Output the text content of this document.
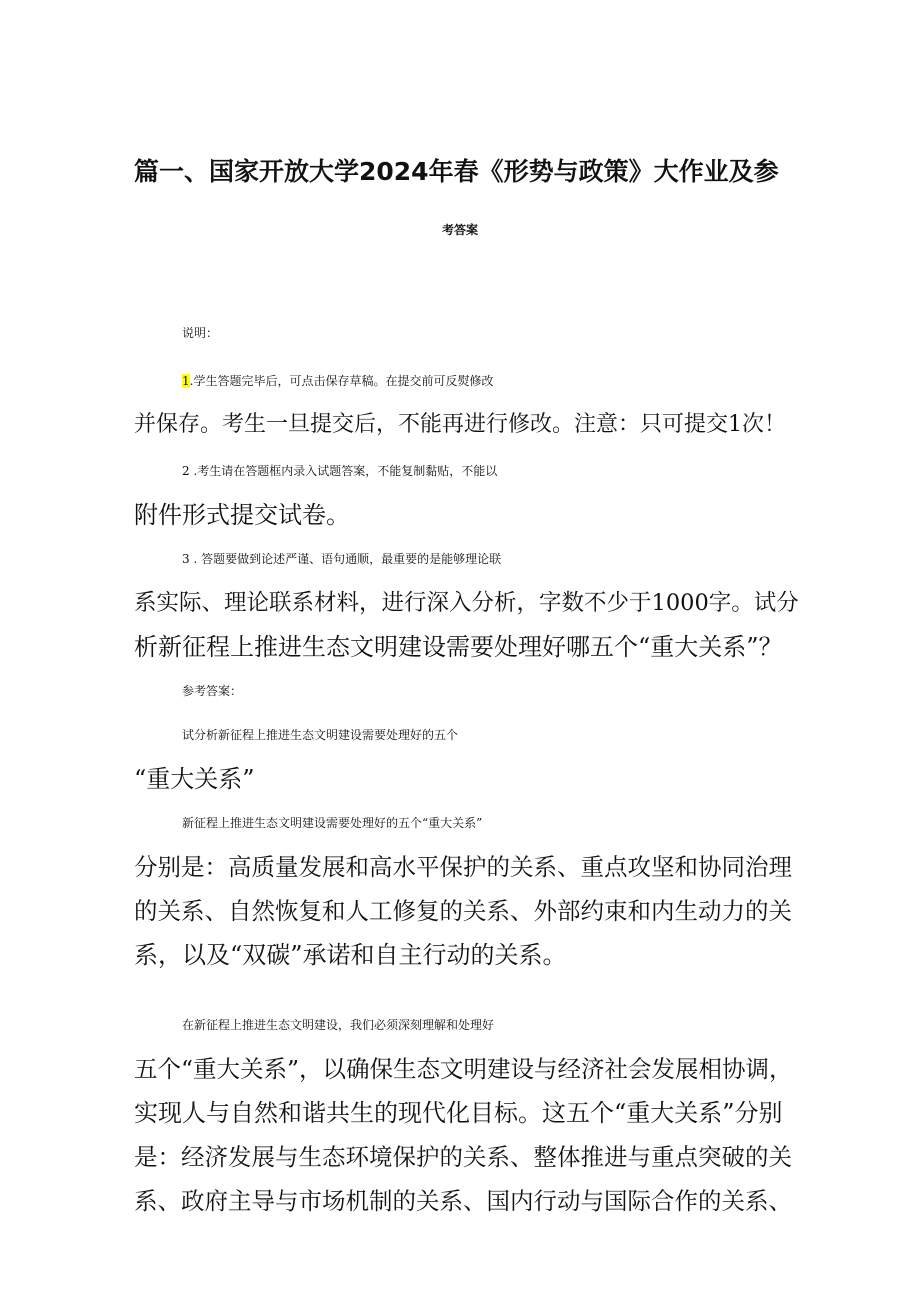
篇一、国家开放大学2024年春《形势与政策》大作业及参
考答案
说明：
1.学生答题完毕后，可点击保存草稿。在提交前可反熨修改
并保存。考生一旦提交后，不能再进行修改。注意：只可提交1次！
2 .考生请在答题框内录入试题答案，不能复制黏贴，不能以
附件形式提交试卷。
3 . 答题要做到论述严谨、语句通顺，最重要的是能够理论联
系实际、理论联系材料，进行深入分析，字数不少于1000字。试分
析新征程上推进生态文明建设需要处理好哪五个“重大关系”？
参考答案：
试分析新征程上推进生态文明建设需要处理好的五个
“重大关系”
新征程上推进生态文明建设需要处理好的五个“重大关系”
分别是：高质量发展和高水平保护的关系、重点攻坚和协同治理
的关系、自然恢复和人工修复的关系、外部约束和内生动力的关
系，以及“双碳”承诺和自主行动的关系。
在新征程上推进生态文明建设，我们必须深刻理解和处理好
五个“重大关系”，以确保生态文明建设与经济社会发展相协调，
实现人与自然和谐共生的现代化目标。这五个“重大关系”分别
是：经济发展与生态环境保护的关系、整体推进与重点突破的关
系、政府主导与市场机制的关系、国内行动与国际合作的关系、
